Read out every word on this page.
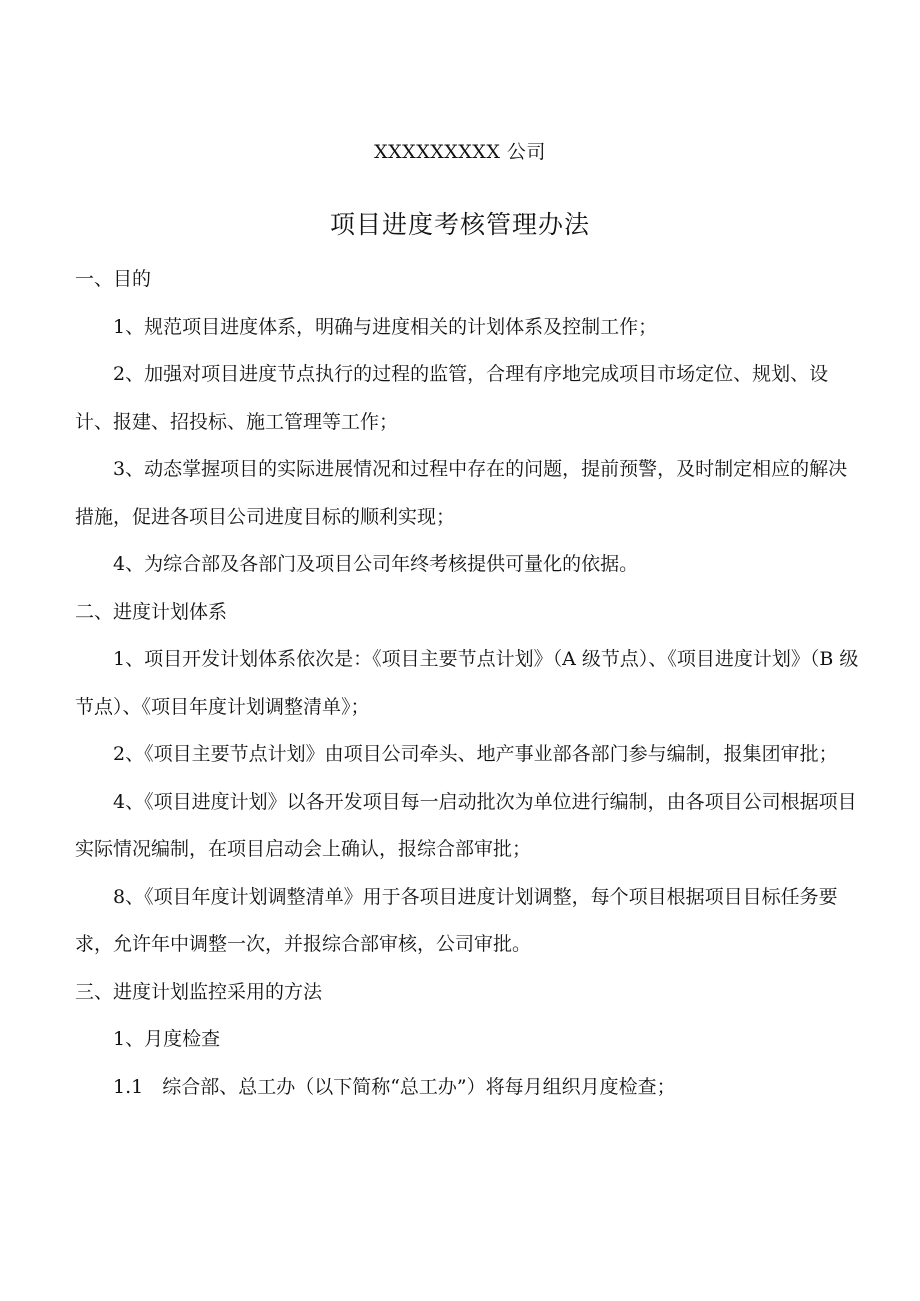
XXXXXXXXX 公司
项目进度考核管理办法

一、目的

1、规范项目进度体系，明确与进度相关的计划体系及控制工作；

2、加强对项目进度节点执行的过程的监管，合理有序地完成项目市场定位、规划、设计、报建、招投标、施工管理等工作；

3、动态掌握项目的实际进展情况和过程中存在的问题，提前预警，及时制定相应的解决措施，促进各项目公司进度目标的顺利实现；

4、为综合部及各部门及项目公司年终考核提供可量化的依据。

二、进度计划体系

1、项目开发计划体系依次是：《项目主要节点计划》（A 级节点）、《项目进度计划》（B 级节点）、《项目年度计划调整清单》；

2、《项目主要节点计划》由项目公司牵头、地产事业部各部门参与编制，报集团审批；

4、《项目进度计划》以各开发项目每一启动批次为单位进行编制，由各项目公司根据项目实际情况编制，在项目启动会上确认，报综合部审批；

8、《项目年度计划调整清单》用于各项目进度计划调整，每个项目根据项目目标任务要求，允许年中调整一次，并报综合部审核，公司审批。

三、进度计划监控采用的方法

1、月度检查

1.1　综合部、总工办（以下简称“总工办”）将每月组织月度检查；
